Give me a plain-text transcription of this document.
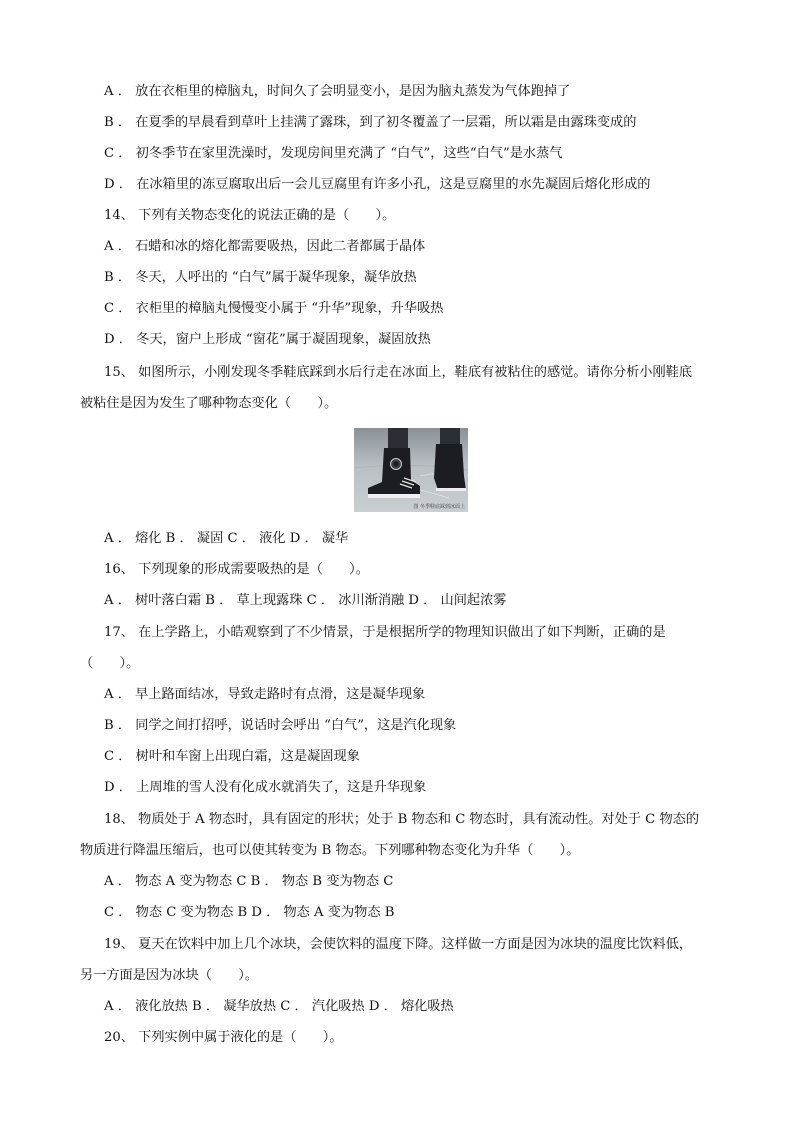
A ． 放在衣柜里的樟脑丸，时间久了会明显变小，是因为脑丸蒸发为气体跑掉了
B ． 在夏季的早晨看到草叶上挂满了露珠，到了初冬覆盖了一层霜，所以霜是由露珠变成的
C ． 初冬季节在家里洗澡时，发现房间里充满了 “白气”，这些“白气”是水蒸气
D ． 在冰箱里的冻豆腐取出后一会儿豆腐里有许多小孔，这是豆腐里的水先凝固后熔化形成的
14、 下列有关物态变化的说法正确的是（　　）。
A ． 石蜡和冰的熔化都需要吸热，因此二者都属于晶体
B ． 冬天，人呼出的 “白气”属于凝华现象，凝华放热
C ． 衣柜里的樟脑丸慢慢变小属于 “升华”现象，升华吸热
D ． 冬天，窗户上形成 “窗花”属于凝固现象，凝固放热
15、 如图所示，小刚发现冬季鞋底踩到水后行走在冰面上，鞋底有被粘住的感觉。请你分析小刚鞋底
被粘住是因为发生了哪种物态变化（　　）。
图 冬季鞋底踩到冰面上
A ． 熔化 B ． 凝固 C ． 液化 D ． 凝华
16、 下列现象的形成需要吸热的是（　　）。
A ． 树叶落白霜 B ． 草上现露珠 C ． 冰川渐消融 D ． 山间起浓雾
17、 在上学路上，小皓观察到了不少情景，于是根据所学的物理知识做出了如下判断，正确的是
（　　）。
A ． 早上路面结冰，导致走路时有点滑，这是凝华现象
B ． 同学之间打招呼，说话时会呼出 “白气”，这是汽化现象
C ． 树叶和车窗上出现白霜，这是凝固现象
D ． 上周堆的雪人没有化成水就消失了，这是升华现象
18、 物质处于 A 物态时，具有固定的形状；处于 B 物态和 C 物态时，具有流动性。对处于 C 物态的
物质进行降温压缩后，也可以使其转变为 B 物态。下列哪种物态变化为升华（　　）。
A ． 物态 A 变为物态 C B ． 物态 B 变为物态 C
C ． 物态 C 变为物态 B D ． 物态 A 变为物态 B
19、 夏天在饮料中加上几个冰块，会使饮料的温度下降。这样做一方面是因为冰块的温度比饮料低，
另一方面是因为冰块（　　）。
A ． 液化放热 B ． 凝华放热 C ． 汽化吸热 D ． 熔化吸热
20、 下列实例中属于液化的是（　　）。
